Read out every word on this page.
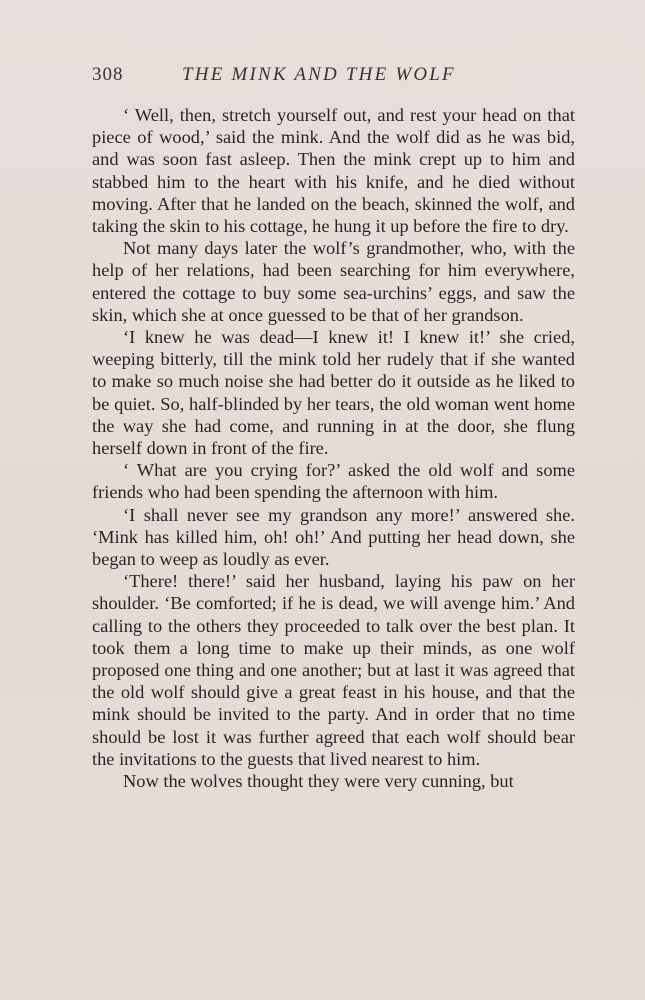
308	THE MINK AND THE WOLF

‘ Well, then, stretch yourself out, and rest your head on that piece of wood,’ said the mink. And the wolf did as he was bid, and was soon fast asleep. Then the mink crept up to him and stabbed him to the heart with his knife, and he died without moving. After that he landed on the beach, skinned the wolf, and taking the skin to his cottage, he hung it up before the fire to dry.

Not many days later the wolf’s grandmother, who, with the help of her relations, had been searching for him everywhere, entered the cottage to buy some sea-urchins’ eggs, and saw the skin, which she at once guessed to be that of her grandson.

‘I knew he was dead—I knew it! I knew it!’ she cried, weeping bitterly, till the mink told her rudely that if she wanted to make so much noise she had better do it outside as he liked to be quiet. So, half-blinded by her tears, the old woman went home the way she had come, and running in at the door, she flung herself down in front of the fire.

‘ What are you crying for?’ asked the old wolf and some friends who had been spending the afternoon with him.

‘I shall never see my grandson any more!’ answered she. ‘Mink has killed him, oh! oh!’ And putting her head down, she began to weep as loudly as ever.

‘There! there!’ said her husband, laying his paw on her shoulder. ‘Be comforted; if he is dead, we will avenge him.’ And calling to the others they proceeded to talk over the best plan. It took them a long time to make up their minds, as one wolf proposed one thing and one another; but at last it was agreed that the old wolf should give a great feast in his house, and that the mink should be invited to the party. And in order that no time should be lost it was further agreed that each wolf should bear the invitations to the guests that lived nearest to him.

Now the wolves thought they were very cunning, but
